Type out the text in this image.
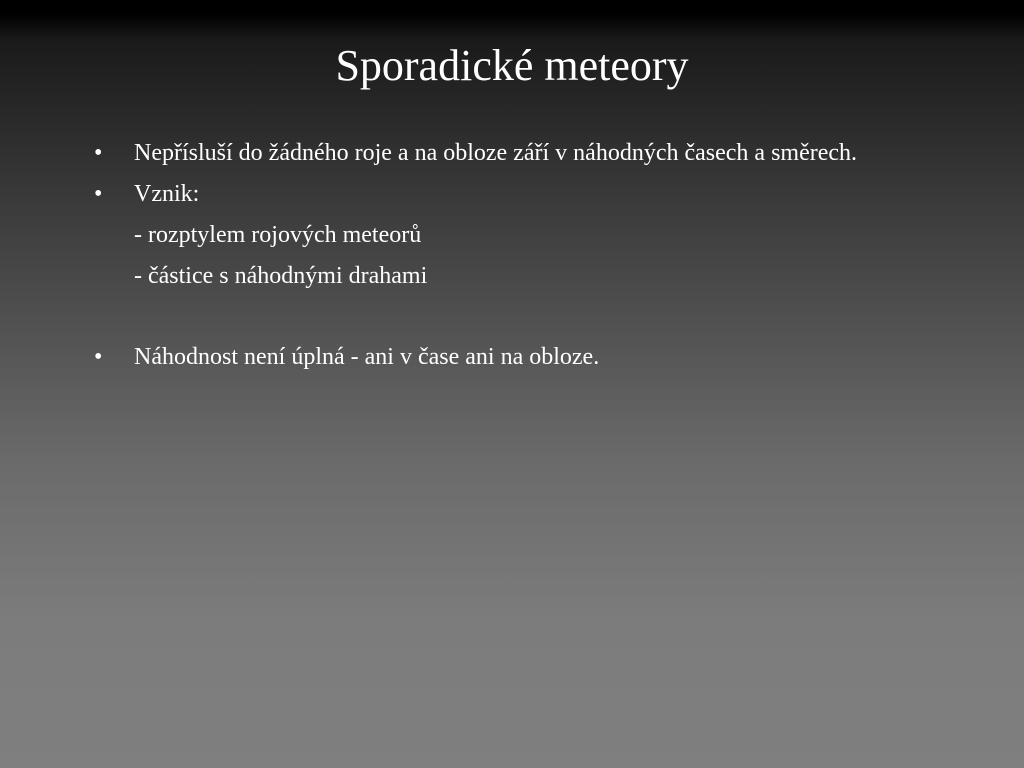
Sporadické meteory
• Nepřísluší do žádného roje a na obloze září v náhodných časech a směrech.
• Vznik:
- rozptylem rojových meteorů
- částice s náhodnými drahami
• Náhodnost není úplná - ani v čase ani na obloze.
